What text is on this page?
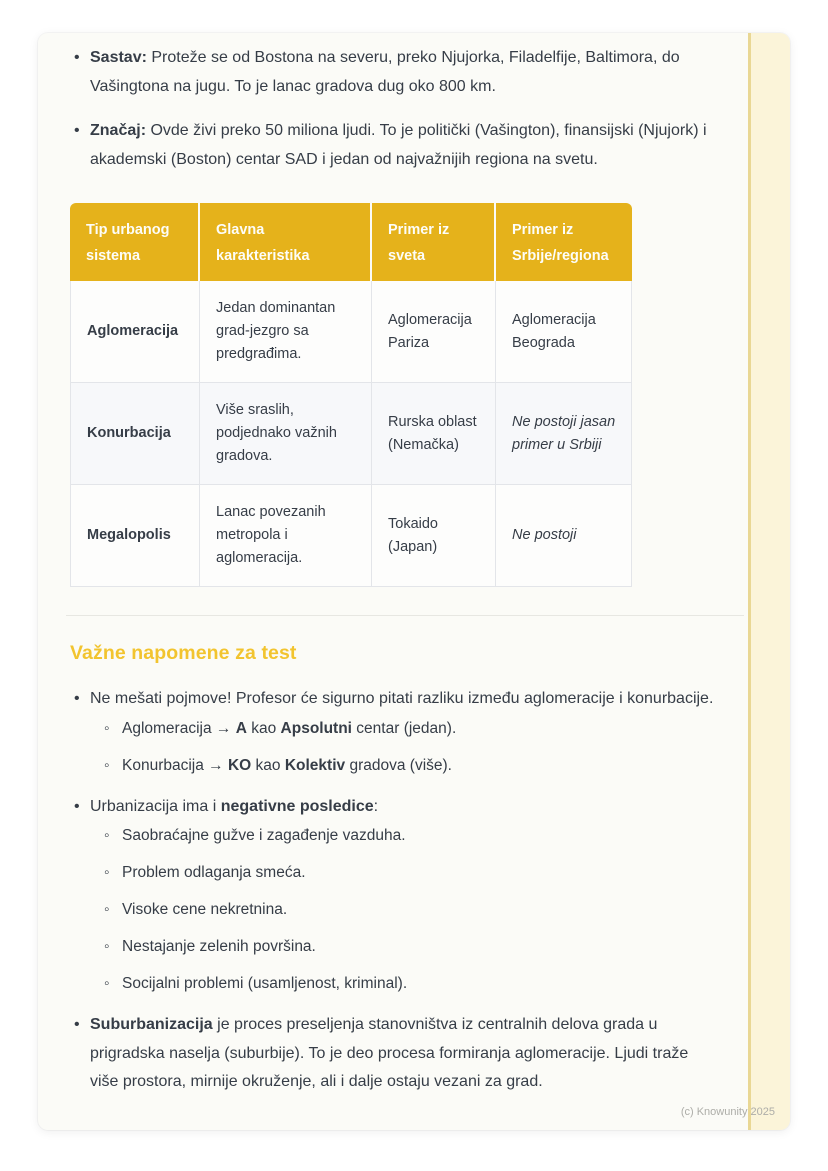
• Sastav: Proteže se od Bostona na severu, preko Njujorka, Filadelfije, Baltimora, do Vašingtona na jugu. To je lanac gradova dug oko 800 km.
• Značaj: Ovde živi preko 50 miliona ljudi. To je politički (Vašington), finansijski (Njujork) i akademski (Boston) centar SAD i jedan od najvažnijih regiona na svetu.
Tip urbanog sistema	Glavna karakteristika	Primer iz sveta	Primer iz Srbije/regiona
Aglomeracija	Jedan dominantan grad-jezgro sa predgrađima.	Aglomeracija Pariza	Aglomeracija Beograda
Konurbacija	Više sraslih, podjednako važnih gradova.	Rurska oblast (Nemačka)	Ne postoji jasan primer u Srbiji
Megalopolis	Lanac povezanih metropola i aglomeracija.	Tokaido (Japan)	Ne postoji
Važne napomene za test
• Ne mešati pojmove! Profesor će sigurno pitati razliku između aglomeracije i konurbacije.
◦ Aglomeracija → A kao Apsolutni centar (jedan).
◦ Konurbacija → KO kao Kolektiv gradova (više).
• Urbanizacija ima i negativne posledice:
◦ Saobraćajne gužve i zagađenje vazduha.
◦ Problem odlaganja smeća.
◦ Visoke cene nekretnina.
◦ Nestajanje zelenih površina.
◦ Socijalni problemi (usamljenost, kriminal).
• Suburbanizacija je proces preseljenja stanovništva iz centralnih delova grada u prigradska naselja (suburbije). To je deo procesa formiranja aglomeracije. Ljudi traže više prostora, mirnije okruženje, ali i dalje ostaju vezani za grad.
(c) Knowunity 2025
